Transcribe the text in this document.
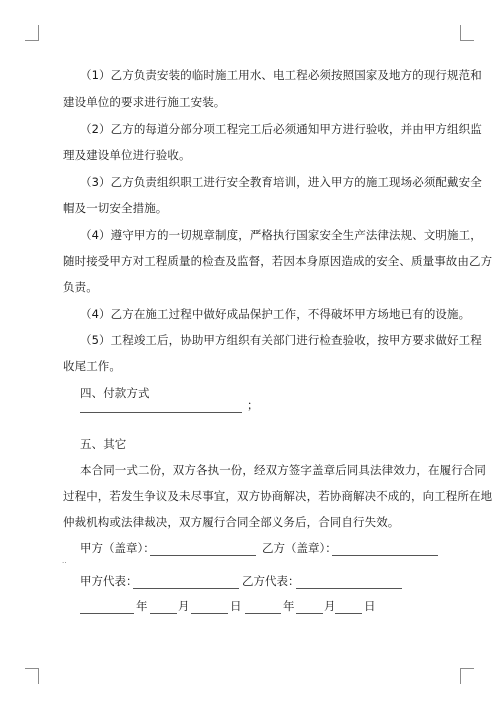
（1）乙方负责安装的临时施工用水、电工程必须按照国家及地方的现行规范和
建设单位的要求进行施工安装。
（2）乙方的每道分部分项工程完工后必须通知甲方进行验收，并由甲方组织监
理及建设单位进行验收。
（3）乙方负责组织职工进行安全教育培训，进入甲方的施工现场必须配戴安全
帽及一切安全措施。
（4）遵守甲方的一切规章制度，严格执行国家安全生产法律法规、文明施工，
随时接受甲方对工程质量的检查及监督，若因本身原因造成的安全、质量事故由乙方
负责。
（4）乙方在施工过程中做好成品保护工作，不得破坏甲方场地已有的设施。
（5）工程竣工后，协助甲方组织有关部门进行检查验收，按甲方要求做好工程
收尾工作。
四、付款方式
；
五、其它
本合同一式二份，双方各执一份，经双方签字盖章后同具法律效力，在履行合同
过程中，若发生争议及未尽事宜，双方协商解决，若协商解决不成的，向工程所在地
仲裁机构或法律裁决，双方履行合同全部义务后，合同自行失效。
甲方（盖章）：	乙方（盖章）：
..
甲方代表：	乙方代表：
年	月	日	年	月 日
